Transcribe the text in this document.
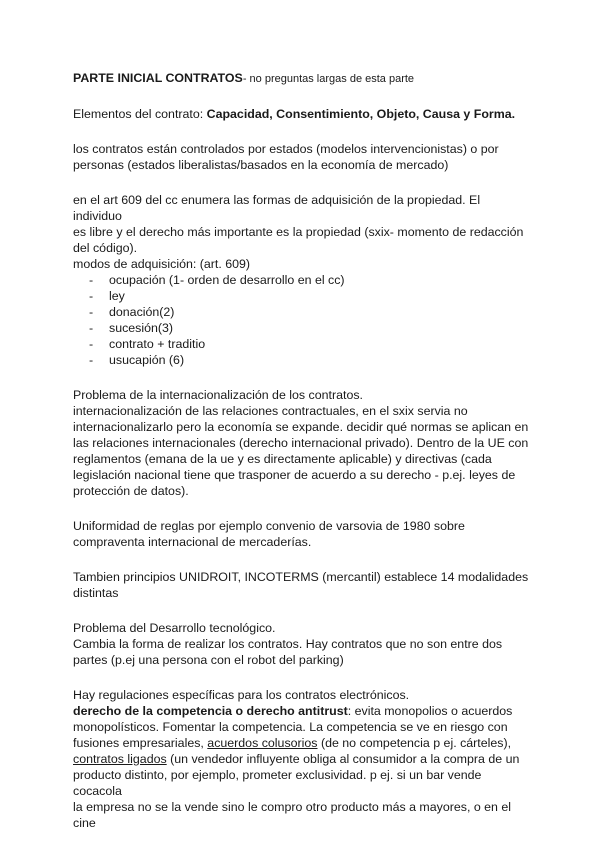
PARTE INICIAL CONTRATOS- no preguntas largas de esta parte

Elementos del contrato: Capacidad, Consentimiento, Objeto, Causa y Forma.

los contratos están controlados por estados (modelos intervencionistas) o por

personas (estados liberalistas/basados en la economía de mercado)

en el art 609 del cc enumera las formas de adquisición de la propiedad. El individuo

es libre y el derecho más importante es la propiedad (sxix- momento de redacción

del código).

modos de adquisición: (art. 609)

- ocupación (1- orden de desarrollo en el cc)
- ley
- donación(2)
- sucesión(3)
- contrato + traditio
- usucapión (6)

Problema de la internacionalización de los contratos.

internacionalización de las relaciones contractuales, en el sxix servia no

internacionalizarlo pero la economía se expande. decidir qué normas se aplican en

las relaciones internacionales (derecho internacional privado). Dentro de la UE con

reglamentos (emana de la ue y es directamente aplicable) y directivas (cada

legislación nacional tiene que trasponer de acuerdo a su derecho - p.ej. leyes de

protección de datos).

Uniformidad de reglas por ejemplo convenio de varsovia de 1980 sobre

compraventa internacional de mercaderías.

Tambien principios UNIDROIT, INCOTERMS (mercantil) establece 14 modalidades

distintas

Problema del Desarrollo tecnológico.

Cambia la forma de realizar los contratos. Hay contratos que no son entre dos

partes (p.ej una persona con el robot del parking)

Hay regulaciones específicas para los contratos electrónicos.

derecho de la competencia o derecho antitrust: evita monopolios o acuerdos

monopolísticos. Fomentar la competencia. La competencia se ve en riesgo con

fusiones empresariales, acuerdos colusorios (de no competencia p ej. cárteles),

contratos ligados (un vendedor influyente obliga al consumidor a la compra de un

producto distinto, por ejemplo, prometer exclusividad. p ej. si un bar vende cocacola

la empresa no se la vende sino le compro otro producto más a mayores, o en el cine
